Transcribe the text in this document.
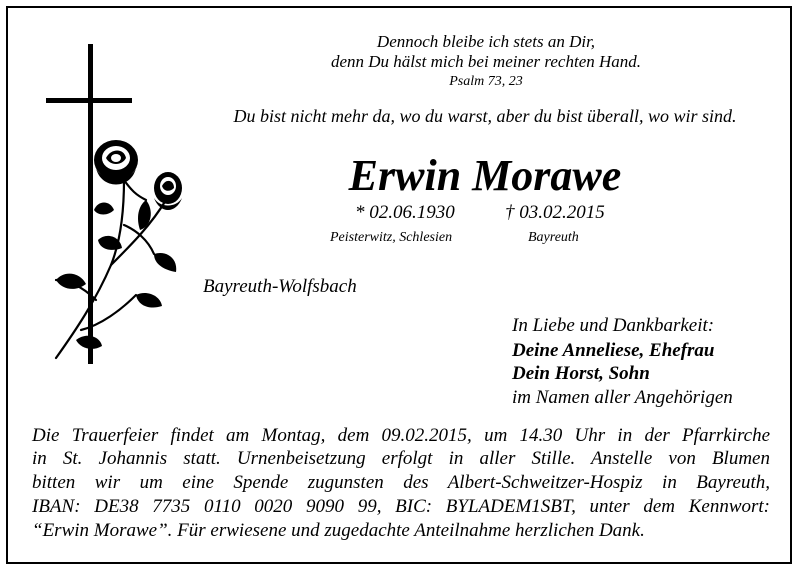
Dennoch bleibe ich stets an Dir,
denn Du hälst mich bei meiner rechten Hand.
Psalm 73, 23
Du bist nicht mehr da, wo du warst, aber du bist überall, wo wir sind.
Erwin Morawe
* 02.06.1930	† 03.02.2015
Peisterwitz, Schlesien	Bayreuth
Bayreuth-Wolfsbach
In Liebe und Dankbarkeit:
Deine Anneliese, Ehefrau
Dein Horst, Sohn
im Namen aller Angehörigen
Die Trauerfeier findet am Montag, dem 09.02.2015, um 14.30 Uhr in der Pfarrkirche
in St. Johannis statt. Urnenbeisetzung erfolgt in aller Stille. Anstelle von Blumen
bitten wir um eine Spende zugunsten des Albert-Schweitzer-Hospiz in Bayreuth,
IBAN: DE38 7735 0110 0020 9090 99, BIC: BYLADEM1SBT, unter dem Kennwort:
“Erwin Morawe”. Für erwiesene und zugedachte Anteilnahme herzlichen Dank.
